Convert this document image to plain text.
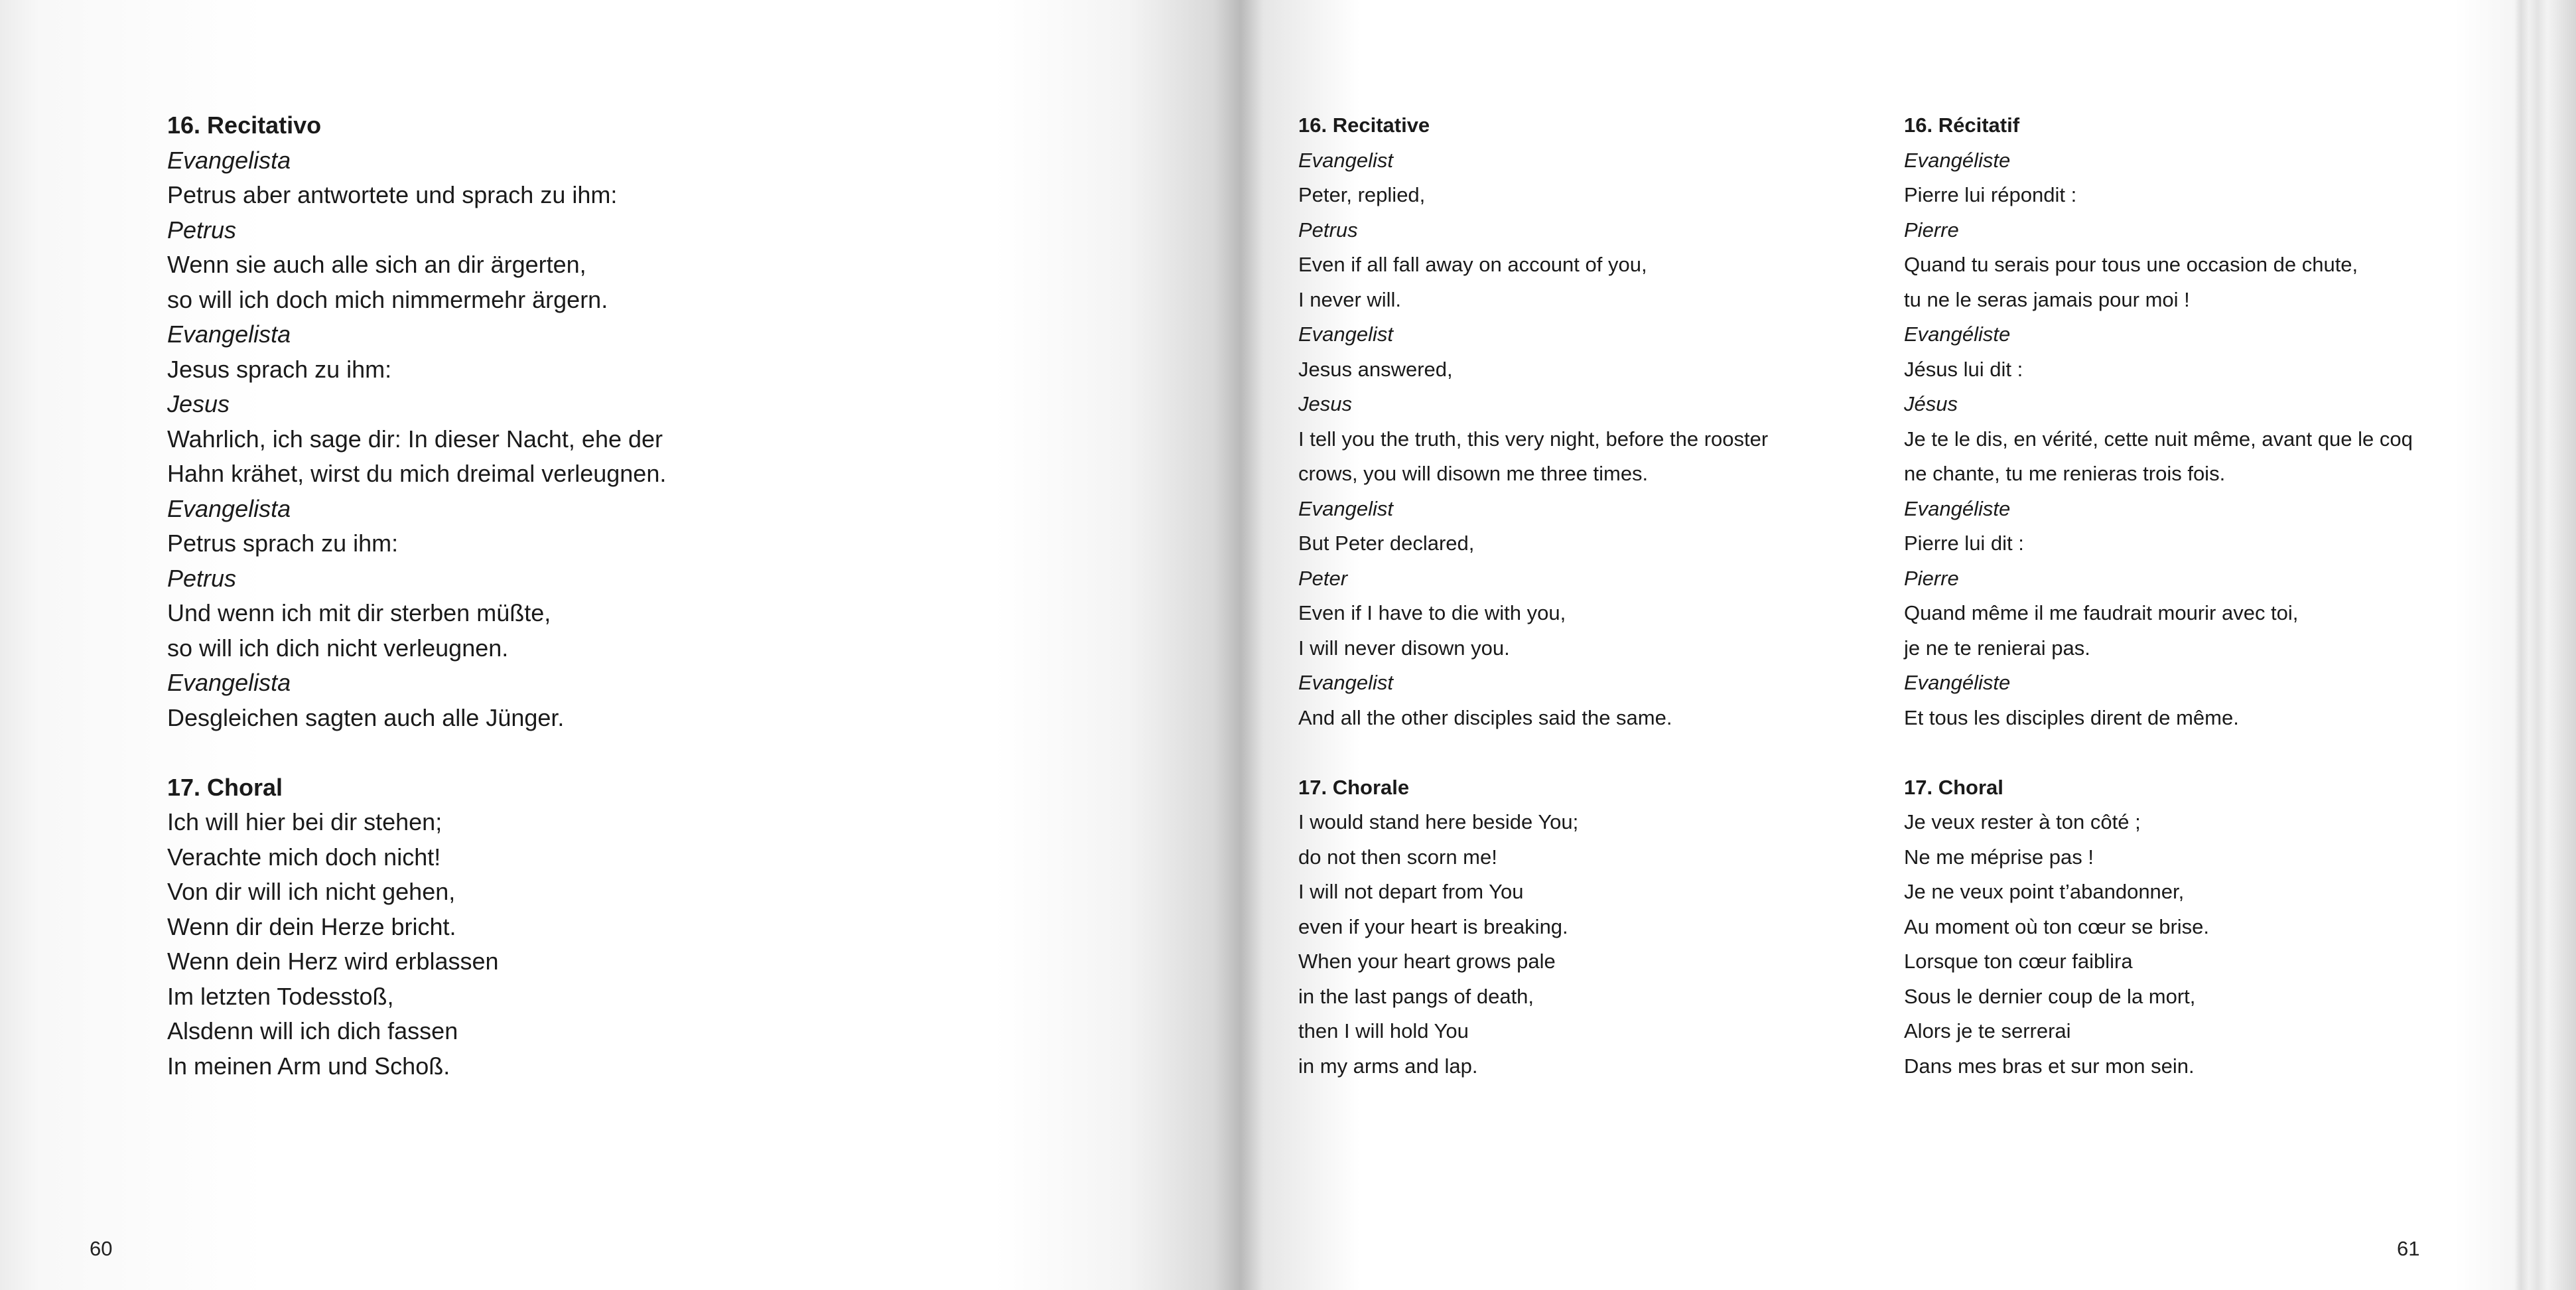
16. Recitativo
Evangelista
Petrus aber antwortete und sprach zu ihm:
Petrus
Wenn sie auch alle sich an dir ärgerten,
so will ich doch mich nimmermehr ärgern.
Evangelista
Jesus sprach zu ihm:
Jesus
Wahrlich, ich sage dir: In dieser Nacht, ehe der
Hahn krähet, wirst du mich dreimal verleugnen.
Evangelista
Petrus sprach zu ihm:
Petrus
Und wenn ich mit dir sterben müßte,
so will ich dich nicht verleugnen.
Evangelista
Desgleichen sagten auch alle Jünger.
17. Choral
Ich will hier bei dir stehen;
Verachte mich doch nicht!
Von dir will ich nicht gehen,
Wenn dir dein Herze bricht.
Wenn dein Herz wird erblassen
Im letzten Todesstoß,
Alsdenn will ich dich fassen
In meinen Arm und Schoß.
60
16. Recitative
Evangelist
Peter, replied,
Petrus
Even if all fall away on account of you,
I never will.
Evangelist
Jesus answered,
Jesus
I tell you the truth, this very night, before the rooster
crows, you will disown me three times.
Evangelist
But Peter declared,
Peter
Even if I have to die with you,
I will never disown you.
Evangelist
And all the other disciples said the same.
17. Chorale
I would stand here beside You;
do not then scorn me!
I will not depart from You
even if your heart is breaking.
When your heart grows pale
in the last pangs of death,
then I will hold You
in my arms and lap.
16. Récitatif
Evangéliste
Pierre lui répondit :
Pierre
Quand tu serais pour tous une occasion de chute,
tu ne le seras jamais pour moi !
Evangéliste
Jésus lui dit :
Jésus
Je te le dis, en vérité, cette nuit même, avant que le coq
ne chante, tu me renieras trois fois.
Evangéliste
Pierre lui dit :
Pierre
Quand même il me faudrait mourir avec toi,
je ne te renierai pas.
Evangéliste
Et tous les disciples dirent de même.
17. Choral
Je veux rester à ton côté ;
Ne me méprise pas !
Je ne veux point t’abandonner,
Au moment où ton cœur se brise.
Lorsque ton cœur faiblira
Sous le dernier coup de la mort,
Alors je te serrerai
Dans mes bras et sur mon sein.
61
